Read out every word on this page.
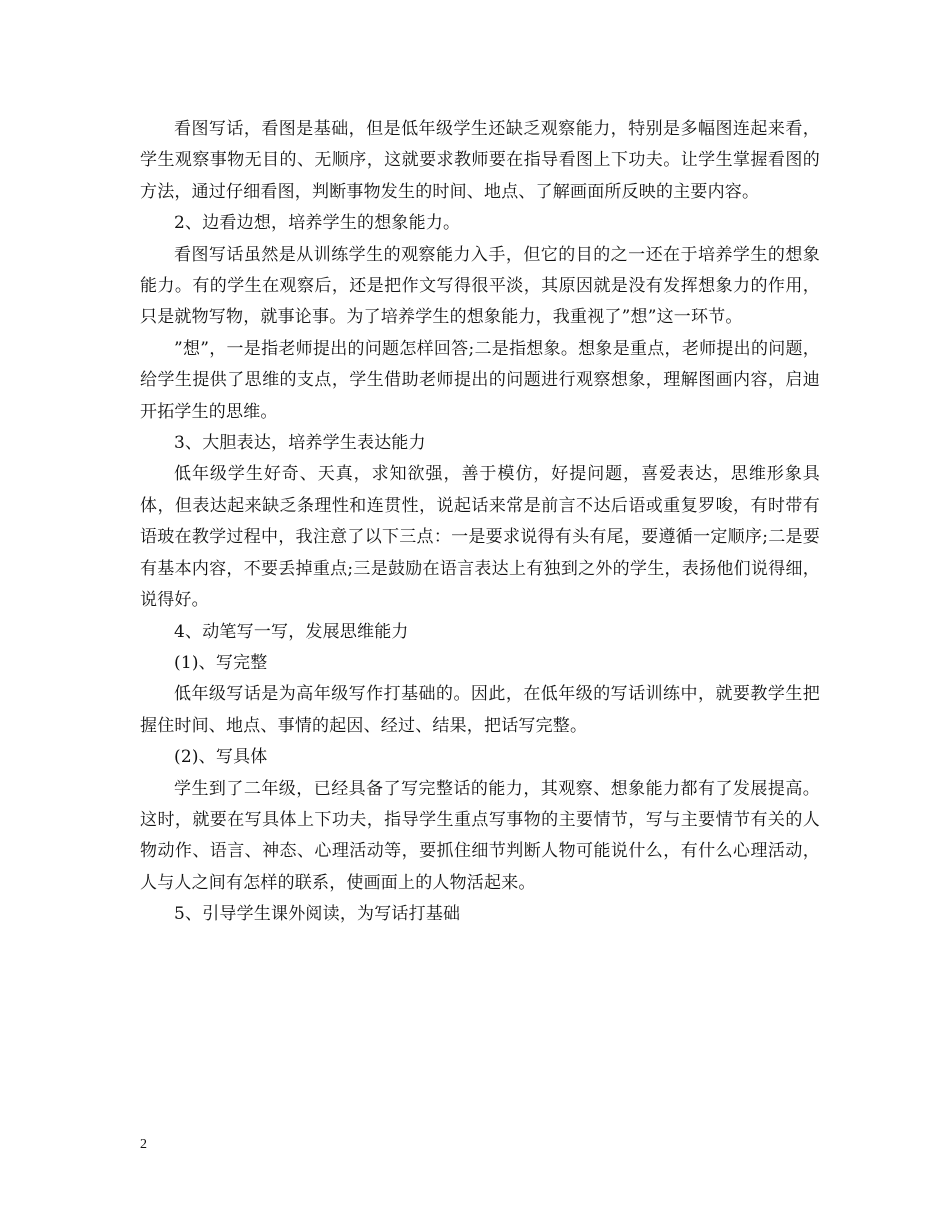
看图写话，看图是基础，但是低年级学生还缺乏观察能力，特别是多幅图连起来看，学生观察事物无目的、无顺序，这就要求教师要在指导看图上下功夫。让学生掌握看图的方法，通过仔细看图，判断事物发生的时间、地点、了解画面所反映的主要内容。

2、边看边想，培养学生的想象能力。

看图写话虽然是从训练学生的观察能力入手，但它的目的之一还在于培养学生的想象能力。有的学生在观察后，还是把作文写得很平淡，其原因就是没有发挥想象力的作用，只是就物写物，就事论事。为了培养学生的想象能力，我重视了”想”这一环节。

”想”，一是指老师提出的问题怎样回答;二是指想象。想象是重点，老师提出的问题，给学生提供了思维的支点，学生借助老师提出的问题进行观察想象，理解图画内容，启迪开拓学生的思维。

3、大胆表达，培养学生表达能力

低年级学生好奇、天真，求知欲强，善于模仿，好提问题，喜爱表达，思维形象具体，但表达起来缺乏条理性和连贯性，说起话来常是前言不达后语或重复罗唆，有时带有语玻在教学过程中，我注意了以下三点：一是要求说得有头有尾，要遵循一定顺序;二是要有基本内容，不要丢掉重点;三是鼓励在语言表达上有独到之外的学生，表扬他们说得细，说得好。

4、动笔写一写，发展思维能力

(1)、写完整

低年级写话是为高年级写作打基础的。因此，在低年级的写话训练中，就要教学生把握住时间、地点、事情的起因、经过、结果，把话写完整。

(2)、写具体

学生到了二年级，已经具备了写完整话的能力，其观察、想象能力都有了发展提高。这时，就要在写具体上下功夫，指导学生重点写事物的主要情节，写与主要情节有关的人物动作、语言、神态、心理活动等，要抓住细节判断人物可能说什么，有什么心理活动，人与人之间有怎样的联系，使画面上的人物活起来。

5、引导学生课外阅读，为写话打基础

2
